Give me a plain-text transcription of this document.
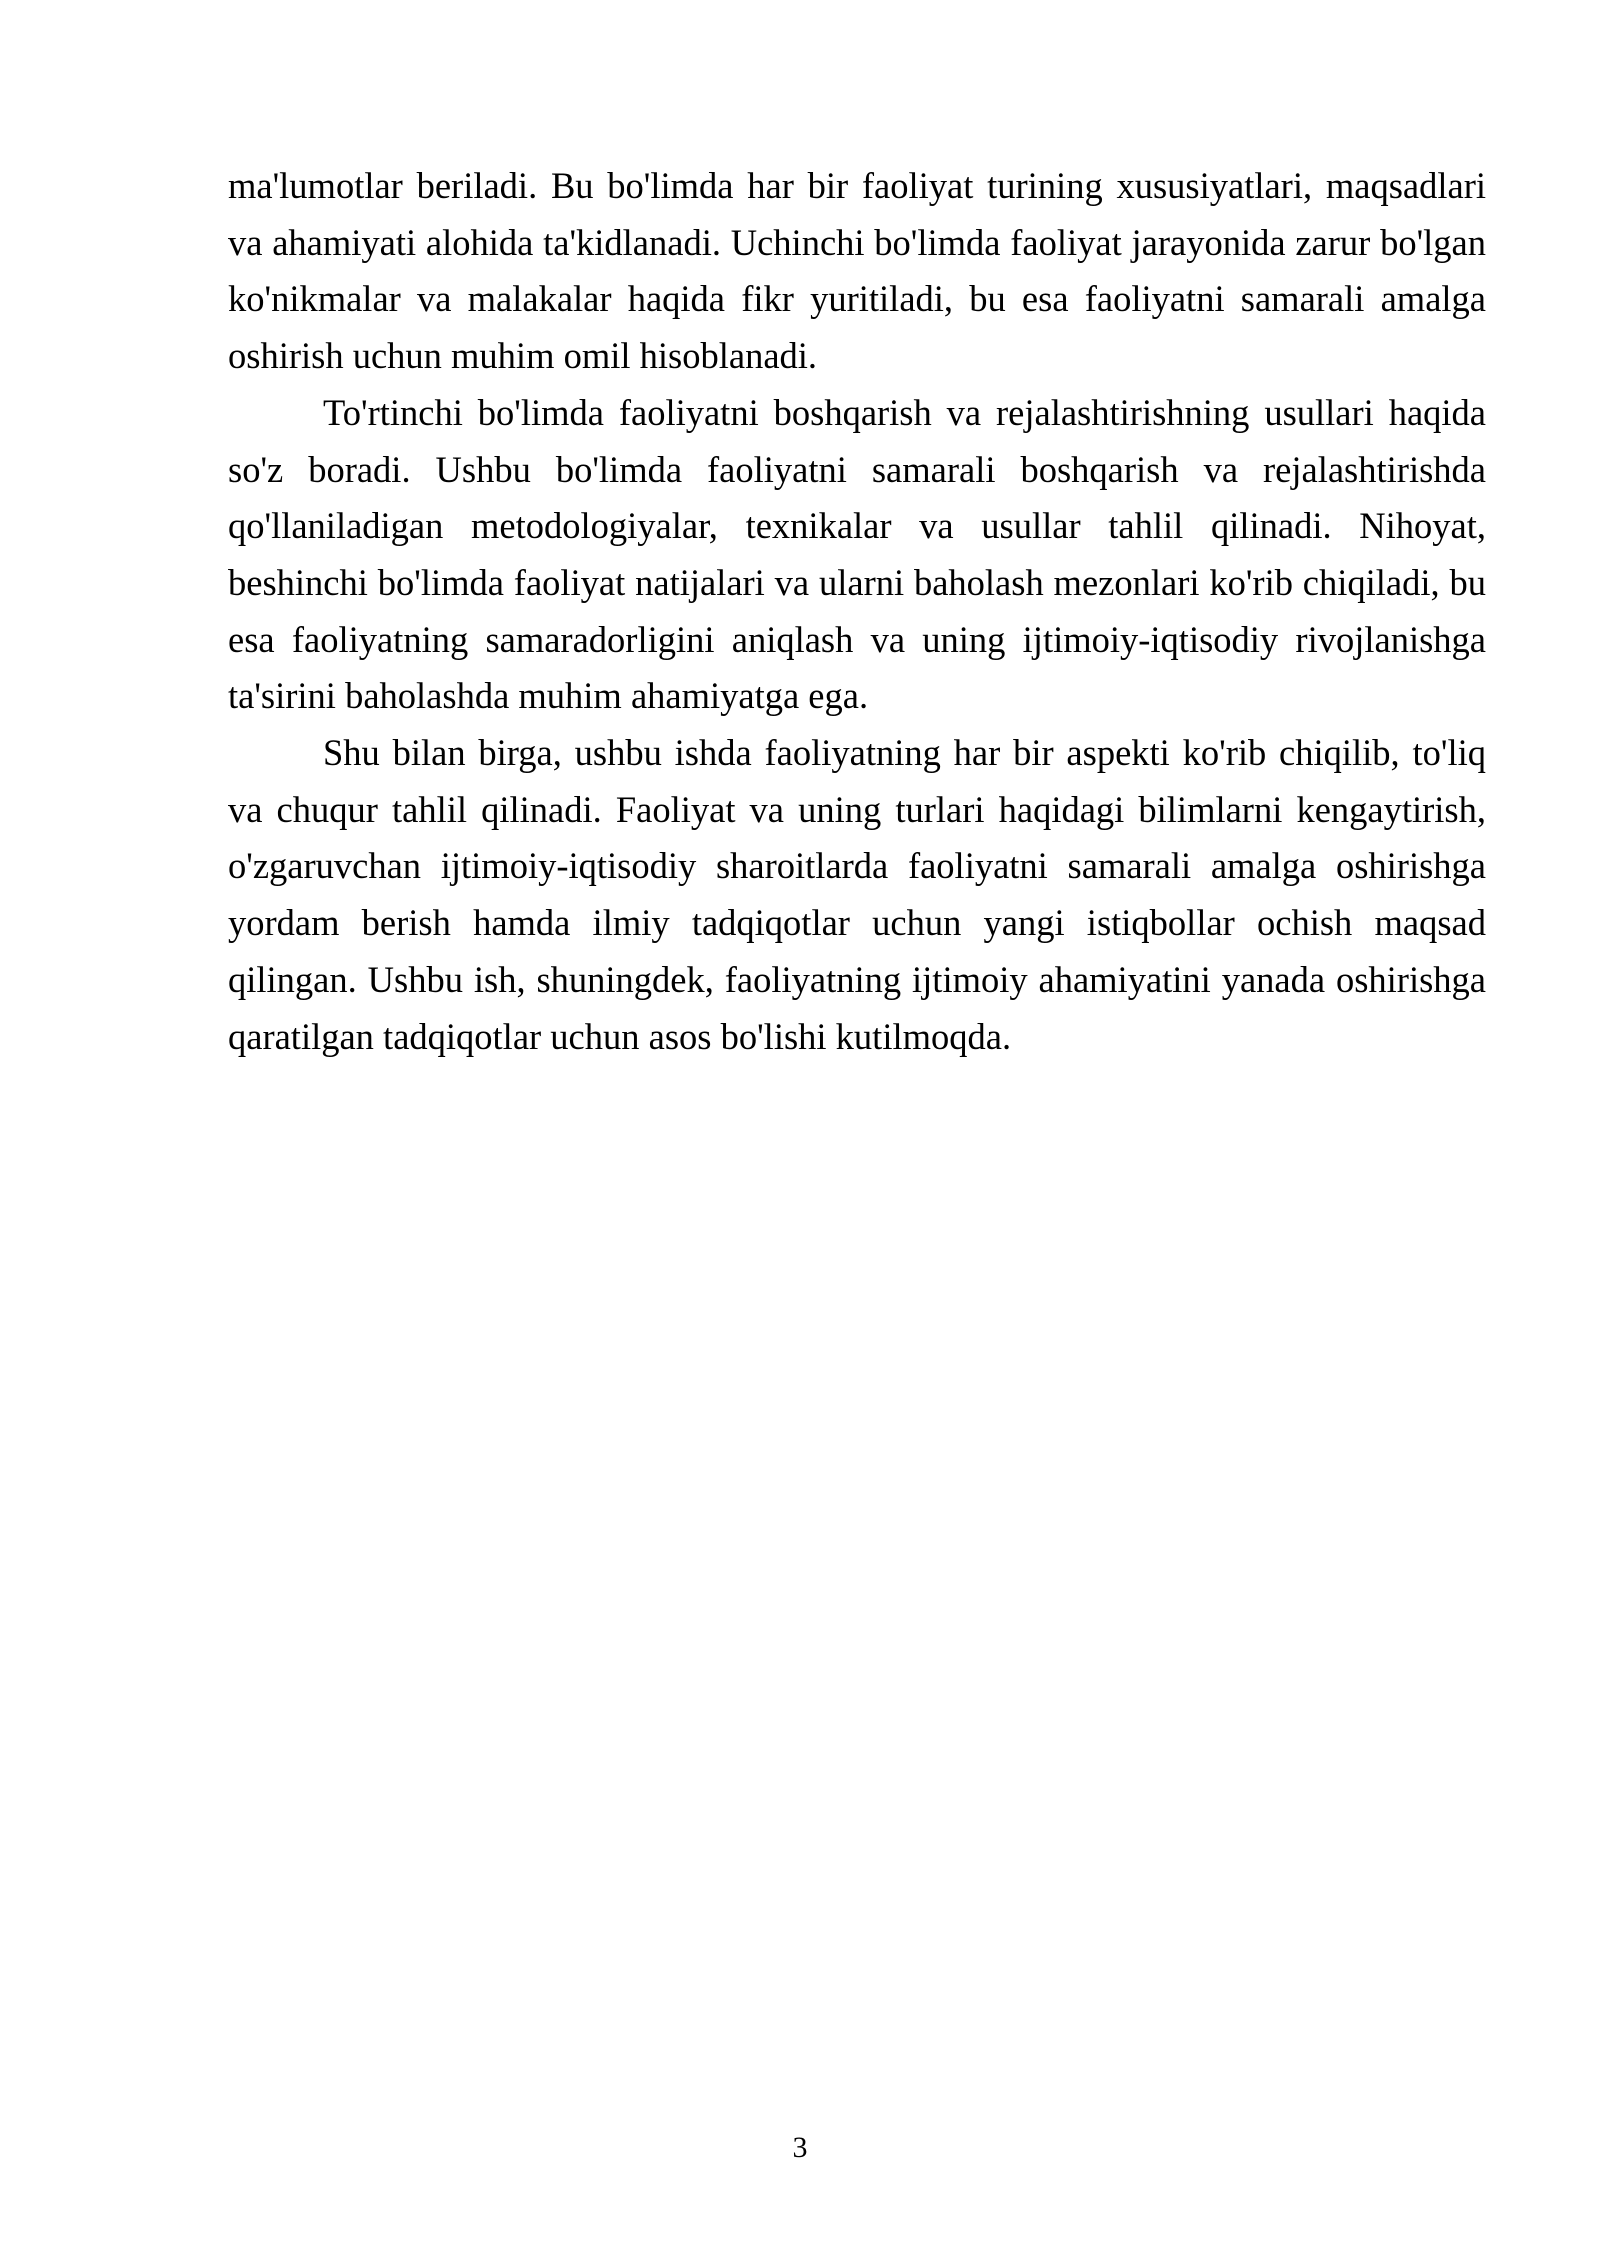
ma'lumotlar beriladi. Bu bo'limda har bir faoliyat turining xususiyatlari, maqsadlari va ahamiyati alohida ta'kidlanadi. Uchinchi bo'limda faoliyat jarayonida zarur bo'lgan ko'nikmalar va malakalar haqida fikr yuritiladi, bu esa faoliyatni samarali amalga oshirish uchun muhim omil hisoblanadi.

To'rtinchi bo'limda faoliyatni boshqarish va rejalashtirishning usullari haqida so'z boradi. Ushbu bo'limda faoliyatni samarali boshqarish va rejalashtirishda qo'llaniladigan metodologiyalar, texnikalar va usullar tahlil qilinadi. Nihoyat, beshinchi bo'limda faoliyat natijalari va ularni baholash mezonlari ko'rib chiqiladi, bu esa faoliyatning samaradorligini aniqlash va uning ijtimoiy-iqtisodiy rivojlanishga ta'sirini baholashda muhim ahamiyatga ega.

Shu bilan birga, ushbu ishda faoliyatning har bir aspekti ko'rib chiqilib, to'liq va chuqur tahlil qilinadi. Faoliyat va uning turlari haqidagi bilimlarni kengaytirish, o'zgaruvchan ijtimoiy-iqtisodiy sharoitlarda faoliyatni samarali amalga oshirishga yordam berish hamda ilmiy tadqiqotlar uchun yangi istiqbollar ochish maqsad qilingan. Ushbu ish, shuningdek, faoliyatning ijtimoiy ahamiyatini yanada oshirishga qaratilgan tadqiqotlar uchun asos bo'lishi kutilmoqda.

3
